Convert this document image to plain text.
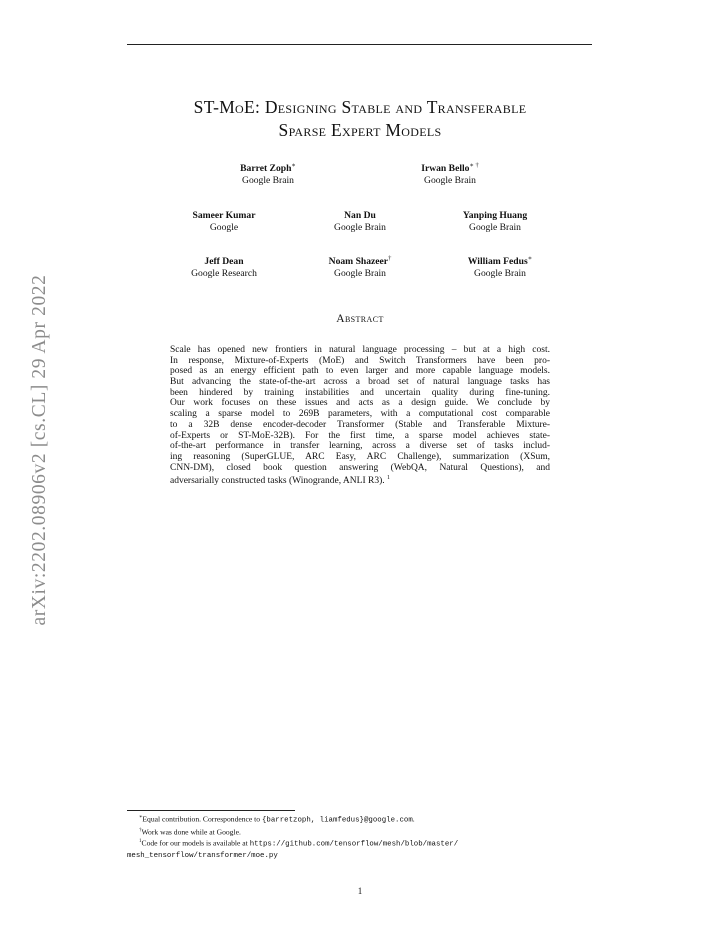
arXiv:2202.08906v2 [cs.CL] 29 Apr 2022
ST-MoE: Designing Stable and Transferable
Sparse Expert Models
Barret Zoph∗
Google Brain
Irwan Bello∗ †
Google Brain
Sameer Kumar
Google
Nan Du
Google Brain
Yanping Huang
Google Brain
Jeff Dean
Google Research
Noam Shazeer†
Google Brain
William Fedus∗
Google Brain
Abstract
Scale has opened new frontiers in natural language processing – but at a high cost.
In response, Mixture-of-Experts (MoE) and Switch Transformers have been pro-
posed as an energy efficient path to even larger and more capable language models.
But advancing the state-of-the-art across a broad set of natural language tasks has
been hindered by training instabilities and uncertain quality during fine-tuning.
Our work focuses on these issues and acts as a design guide. We conclude by
scaling a sparse model to 269B parameters, with a computational cost comparable
to a 32B dense encoder-decoder Transformer (Stable and Transferable Mixture-
of-Experts or ST-MoE-32B). For the first time, a sparse model achieves state-
of-the-art performance in transfer learning, across a diverse set of tasks includ-
ing reasoning (SuperGLUE, ARC Easy, ARC Challenge), summarization (XSum,
CNN-DM), closed book question answering (WebQA, Natural Questions), and
adversarially constructed tasks (Winogrande, ANLI R3). $^1$
∗Equal contribution. Correspondence to {barretzoph, liamfedus}@google.com.
†Work was done while at Google.
$^1$Code for our models is available at https://github.com/tensorflow/mesh/blob/master/
mesh_tensorflow/transformer/moe.py
1
